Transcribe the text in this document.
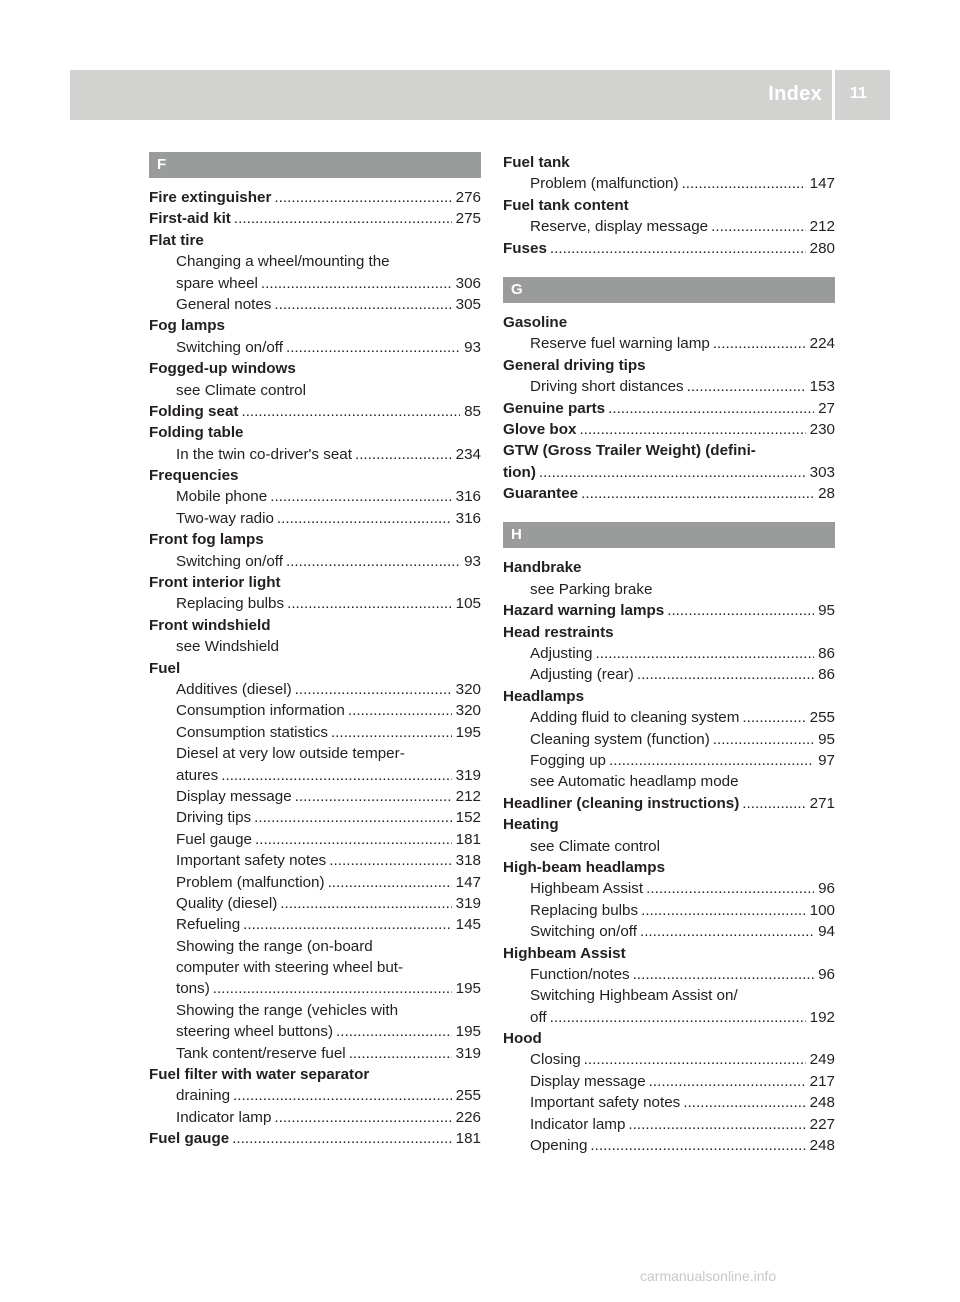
Index 11
F
Fire extinguisher . . .	276
First-aid kit . . .	275
Flat tire
Changing a wheel/mounting the
spare wheel . . .	306
General notes . . .	305
Fog lamps
Switching on/off . . .	93
Fogged-up windows
see Climate control
Folding seat . . .	85
Folding table
In the twin co-driver's seat . . .	234
Frequencies
Mobile phone . . .	316
Two-way radio . . .	316
Front fog lamps
Switching on/off . . .	93
Front interior light
Replacing bulbs . . .	105
Front windshield
see Windshield
Fuel
Additives (diesel) . . .	320
Consumption information . . .	320
Consumption statistics . . .	195
Diesel at very low outside temper-
atures . . .	319
Display message . . .	212
Driving tips . . .	152
Fuel gauge . . .	181
Important safety notes . . .	318
Problem (malfunction) . . .	147
Quality (diesel) . . .	319
Refueling . . .	145
Showing the range (on-board
computer with steering wheel but-
tons) . . .	195
Showing the range (vehicles with
steering wheel buttons) . . .	195
Tank content/reserve fuel . . .	319
Fuel filter with water separator
draining . . .	255
Indicator lamp . . .	226
Fuel gauge . . .	181
Fuel tank
Problem (malfunction) . . .	147
Fuel tank content
Reserve, display message . . .	212
Fuses . . .	280
G
Gasoline
Reserve fuel warning lamp . . .	224
General driving tips
Driving short distances . . .	153
Genuine parts . . .	27
Glove box . . .	230
GTW (Gross Trailer Weight) (defini-
tion) . . .	303
Guarantee . . .	28
H
Handbrake
see Parking brake
Hazard warning lamps . . .	95
Head restraints
Adjusting . . .	86
Adjusting (rear) . . .	86
Headlamps
Adding fluid to cleaning system . . .	255
Cleaning system (function) . . .	95
Fogging up . . .	97
see Automatic headlamp mode
Headliner (cleaning instructions) . . .	271
Heating
see Climate control
High-beam headlamps
Highbeam Assist . . .	96
Replacing bulbs . . .	100
Switching on/off . . .	94
Highbeam Assist
Function/notes . . .	96
Switching Highbeam Assist on/
off . . .	192
Hood
Closing . . .	249
Display message . . .	217
Important safety notes . . .	248
Indicator lamp . . .	227
Opening . . .	248
carmanualsonline.info
